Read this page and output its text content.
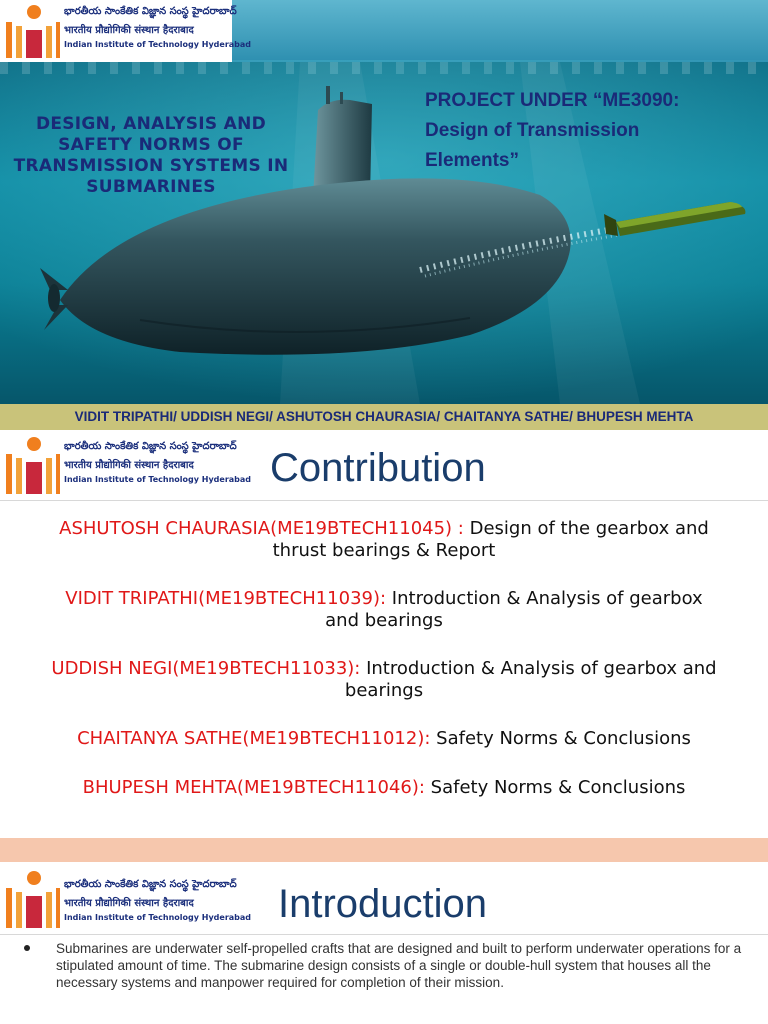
భారతీయ సాంకేతిక విజ్ఞాన సంస్థ హైదరాబాద్
भारतीय प्रौद्योगिकी संस्थान हैदराबाद
Indian Institute of Technology Hyderabad
DESIGN, ANALYSIS AND SAFETY NORMS OF TRANSMISSION SYSTEMS IN SUBMARINES
PROJECT UNDER “ME3090:
Design of Transmission
Elements”
VIDIT TRIPATHI/ UDDISH NEGI/ ASHUTOSH CHAURASIA/ CHAITANYA SATHE/ BHUPESH MEHTA
భారతీయ సాంకేతిక విజ్ఞాన సంస్థ హైదరాబాద్
भारतीय प्रौद्योगिकी संस्थान हैदराबाद
Indian Institute of Technology Hyderabad Contribution
ASHUTOSH CHAURASIA(ME19BTECH11045) : Design of the gearbox and
thrust bearings & Report
VIDIT TRIPATHI(ME19BTECH11039): Introduction & Analysis of gearbox
and bearings
UDDISH NEGI(ME19BTECH11033): Introduction & Analysis of gearbox and
bearings
CHAITANYA SATHE(ME19BTECH11012): Safety Norms & Conclusions
BHUPESH MEHTA(ME19BTECH11046): Safety Norms & Conclusions
భారతీయ సాంకేతిక విజ్ఞాన సంస్థ హైదరాబాద్
भारतीय प्रौद्योगिकी संस्थान हैदराबाद
Indian Institute of Technology Hyderabad Introduction
Submarines are underwater self-propelled crafts that are designed and built to perform underwater operations for a stipulated amount of time. The submarine design consists of a single or double-hull system that houses all the necessary systems and manpower required for completion of their mission.
